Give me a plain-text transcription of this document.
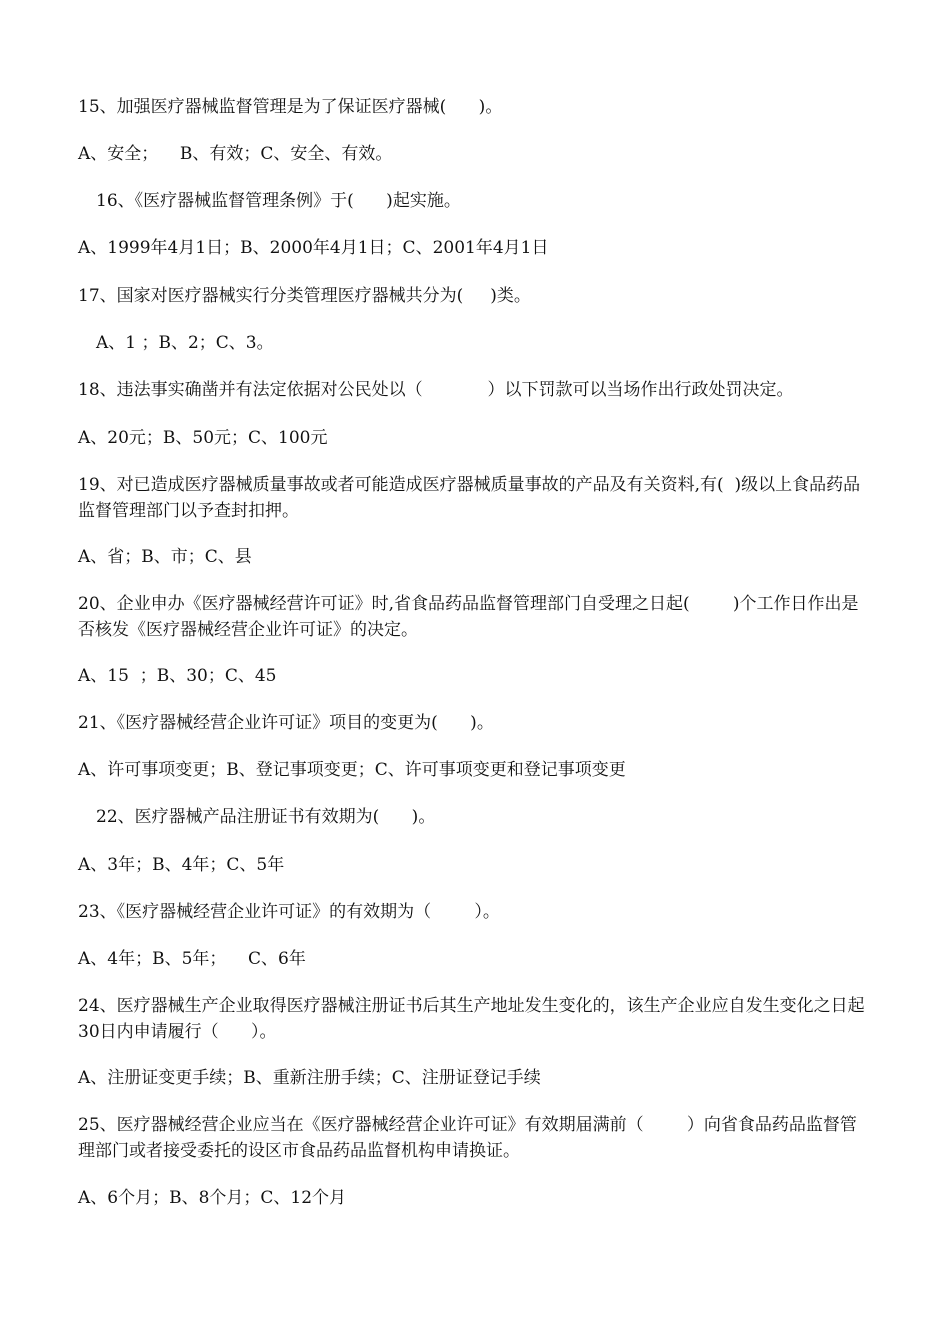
15、加强医疗器械监督管理是为了保证医疗器械(      )。
A、安全；    B、有效；C、安全、有效。
16、《医疗器械监督管理条例》于(      )起实施。
A、1999年4月1日；B、2000年4月1日；C、2001年4月1日
17、国家对医疗器械实行分类管理医疗器械共分为(     )类。
A、1 ；B、2；C、3。
18、违法事实确凿并有法定依据对公民处以（            ）以下罚款可以当场作出行政处罚决定。
A、20元；B、50元；C、100元
19、对已造成医疗器械质量事故或者可能造成医疗器械质量事故的产品及有关资料,有(  )级以上食品药品监督管理部门以予查封扣押。
A、省；B、市；C、县
20、企业申办《医疗器械经营许可证》时,省食品药品监督管理部门自受理之日起(        )个工作日作出是否核发《医疗器械经营企业许可证》的决定。
A、15  ；B、30；C、45
21、《医疗器械经营企业许可证》项目的变更为(      )。
A、许可事项变更；B、登记事项变更；C、许可事项变更和登记事项变更
22、医疗器械产品注册证书有效期为(      )。
A、3年；B、4年；C、5年
23、《医疗器械经营企业许可证》的有效期为（        ）。
A、4年；B、5年；    C、6年
24、医疗器械生产企业取得医疗器械注册证书后其生产地址发生变化的，该生产企业应自发生变化之日起30日内申请履行（      ）。
A、注册证变更手续；B、重新注册手续；C、注册证登记手续
25、医疗器械经营企业应当在《医疗器械经营企业许可证》有效期届满前（        ）向省食品药品监督管理部门或者接受委托的设区市食品药品监督机构申请换证。
A、6个月；B、8个月；C、12个月
